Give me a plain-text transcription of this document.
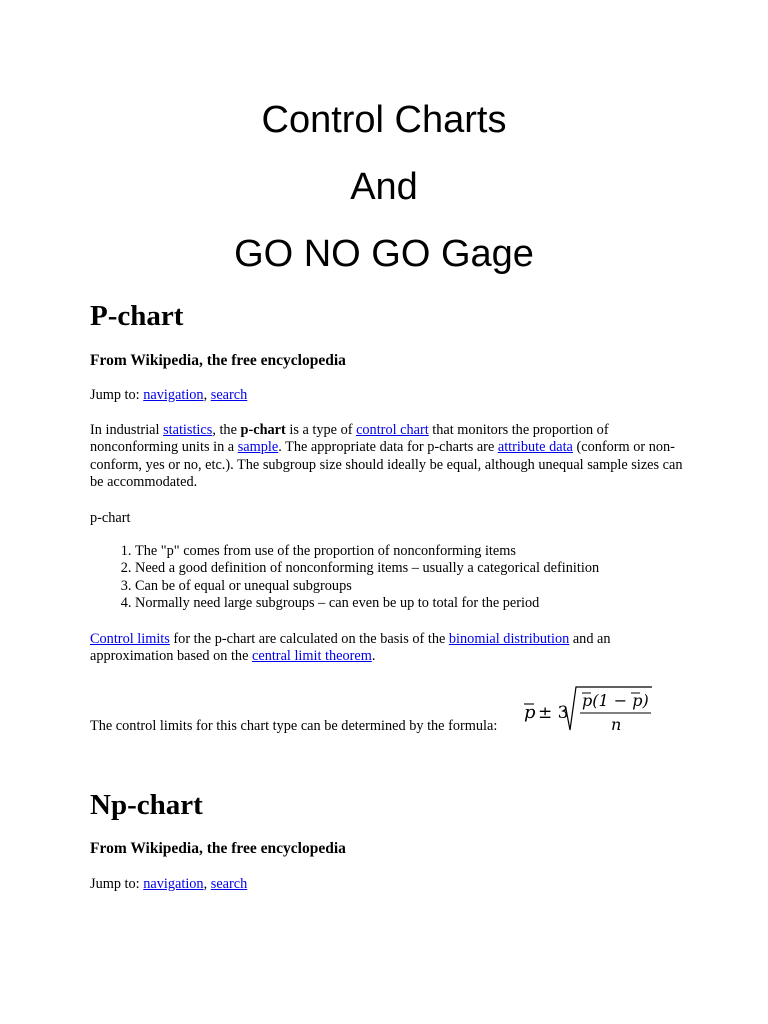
Control Charts
And
GO NO GO Gage
P-chart
From Wikipedia, the free encyclopedia
Jump to: navigation, search
In industrial statistics, the p-chart is a type of control chart that monitors the proportion of nonconforming units in a sample. The appropriate data for p-charts are attribute data (conform or non-conform, yes or no, etc.). The subgroup size should ideally be equal, although unequal sample sizes can be accommodated.
p-chart
1. The "p" comes from use of the proportion of nonconforming items
2. Need a good definition of nonconforming items – usually a categorical definition
3. Can be of equal or unequal subgroups
4. Normally need large subgroups – can even be up to total for the period
Control limits for the p-chart are calculated on the basis of the binomial distribution and an approximation based on the central limit theorem.
The control limits for this chart type can be determined by the formula:
p ± 3
p(1 − p)
n
Np-chart
From Wikipedia, the free encyclopedia
Jump to: navigation, search
